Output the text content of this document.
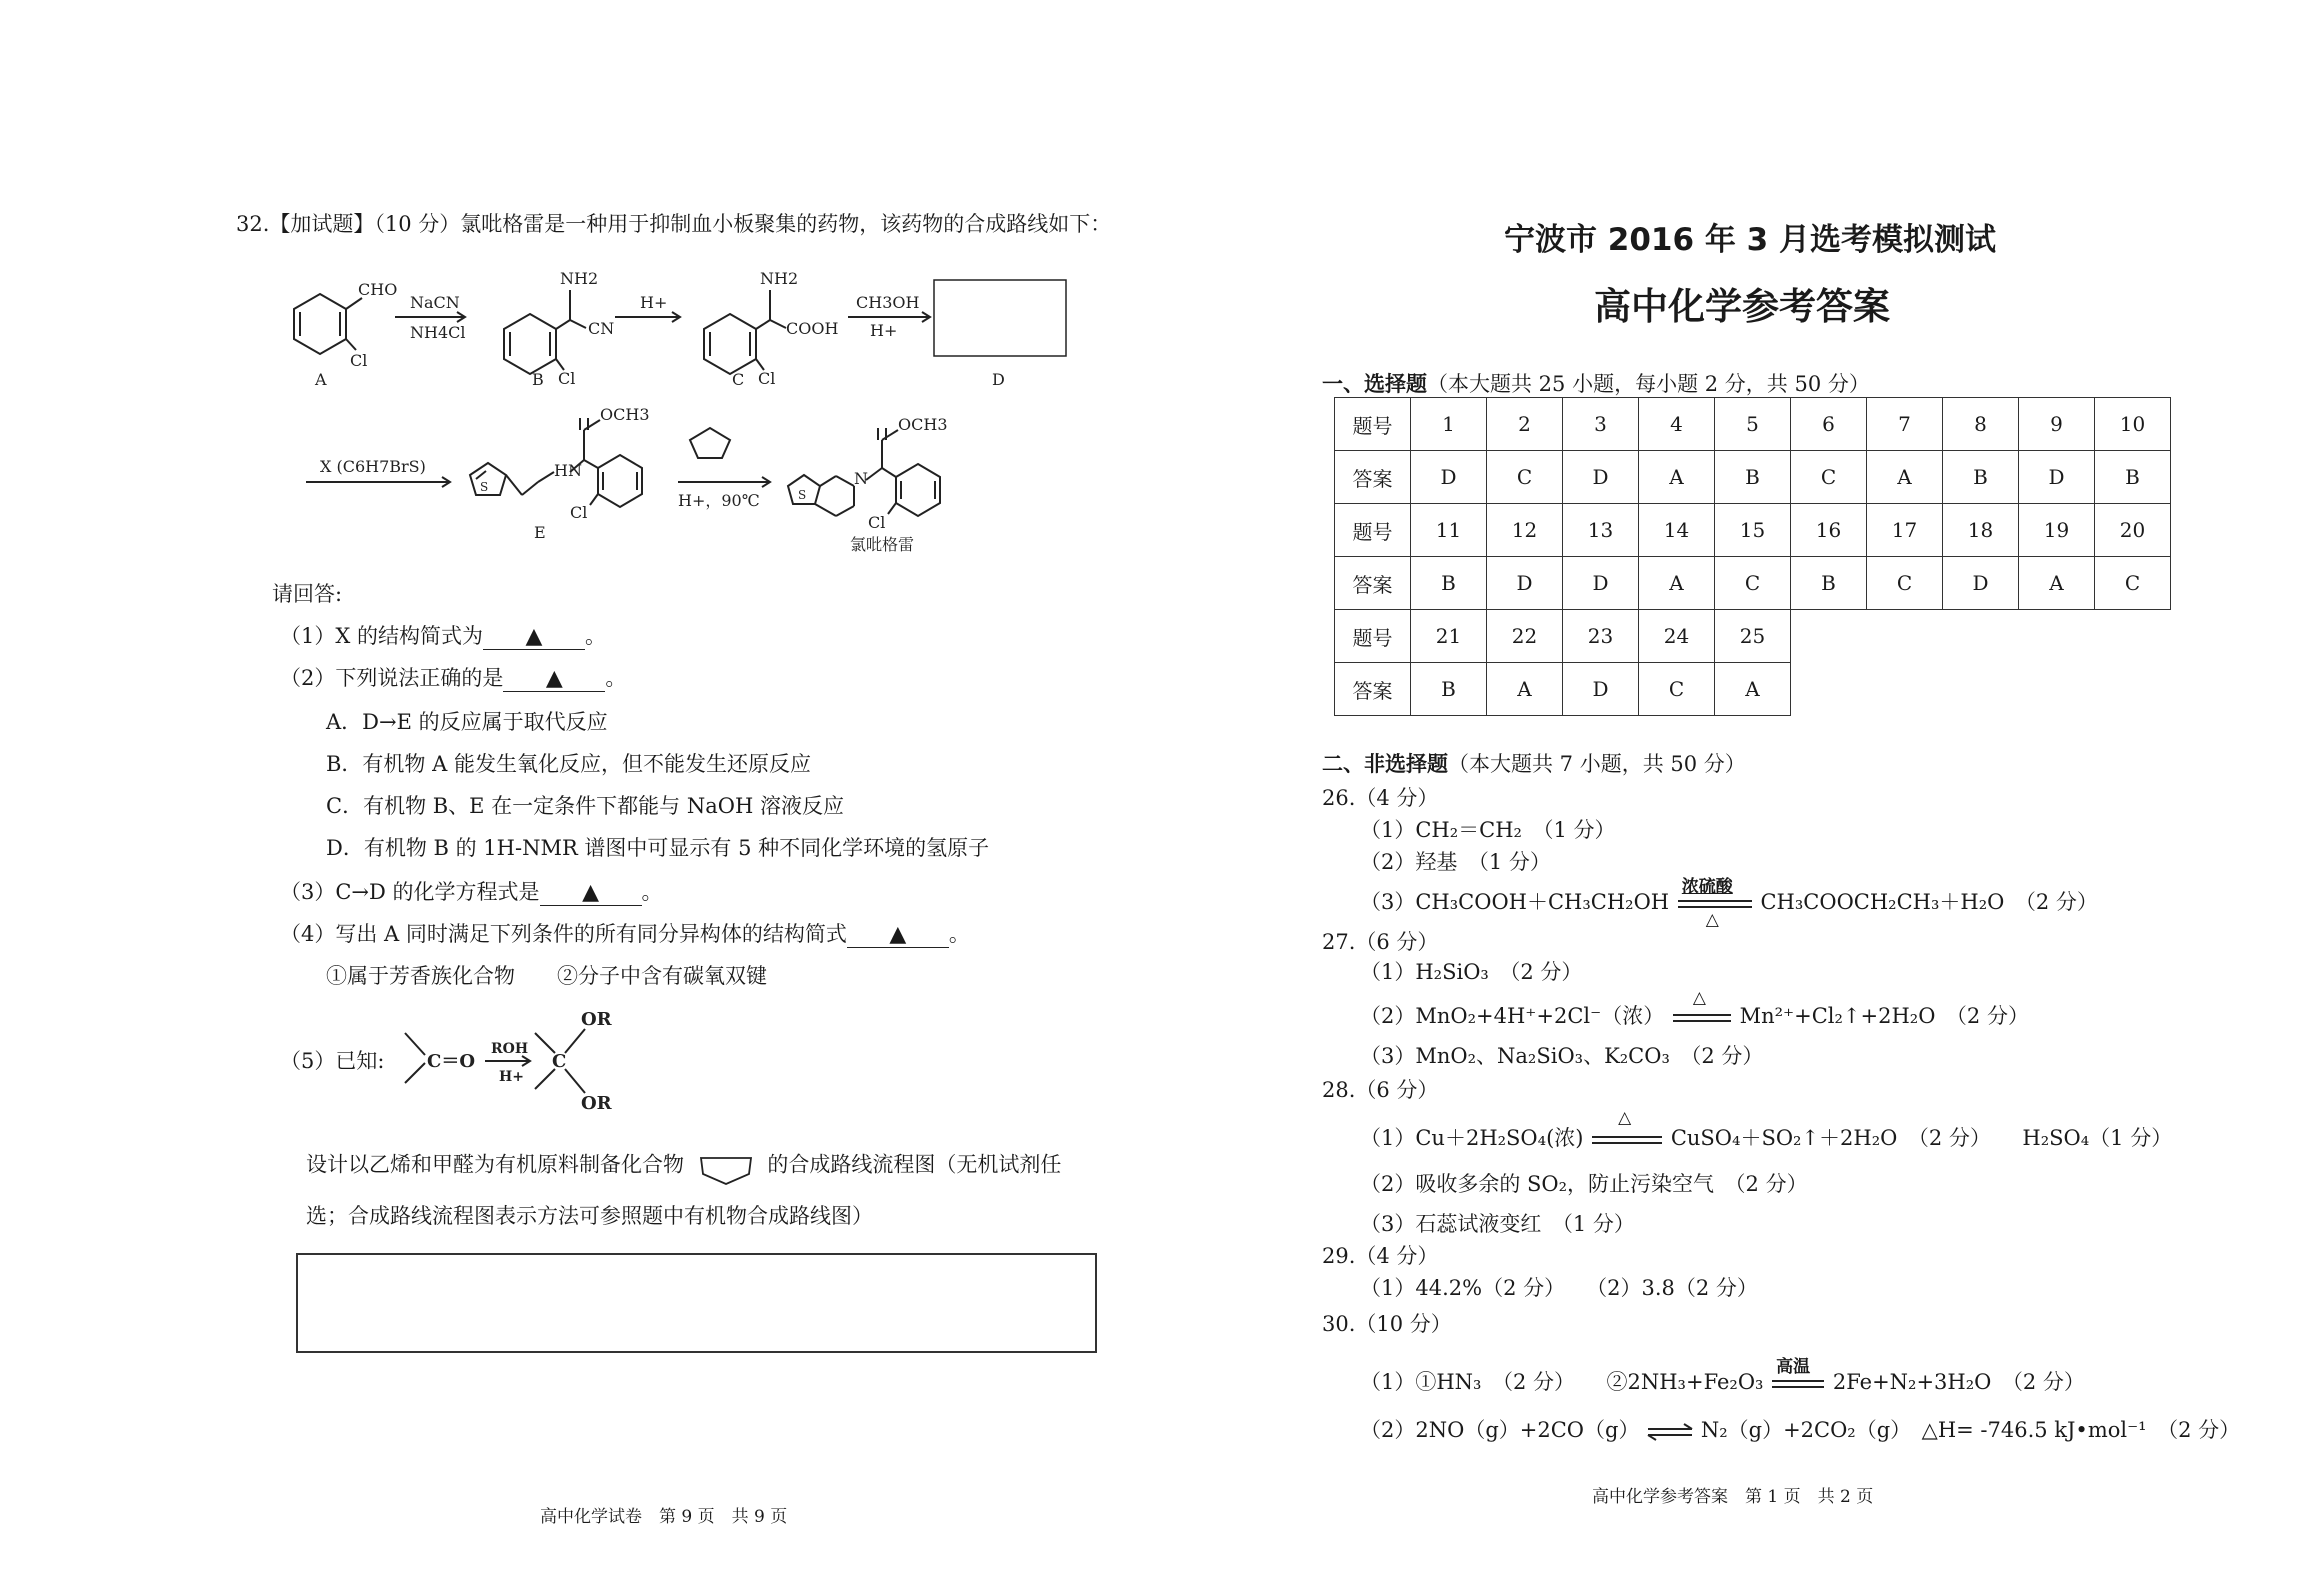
32.【加试题】（10 分）氯吡格雷是一种用于抑制血小板聚集的药物，该药物的合成路线如下：
CHO
Cl
A
NaCN
NH4Cl
NH2
CN
Cl
B
H+
NH2
COOH
Cl
C
CH3OH
H+
D
X (C6H7BrS)
S
HN
OCH3
Cl
E
H+，90℃	S
N
OCH3
Cl
氯吡格雷
请回答:
（1）X 的结构简式为 ▲ 。
（2）下列说法正确的是 ▲ 。
A．D→E 的反应属于取代反应
B．有机物 A 能发生氧化反应，但不能发生还原反应
C．有机物 B、E 在一定条件下都能与 NaOH 溶液反应
D．有机物 B 的 1H-NMR 谱图中可显示有 5 种不同化学环境的氢原子
（3）C→D 的化学方程式是 ▲ 。
（4）写出 A 同时满足下列条件的所有同分异构体的结构简式 ▲ 。
①属于芳香族化合物　　②分子中含有碳氧双键
（5）已知: C＝O
ROH
H+
C
OR
OR
设计以乙烯和甲醛为有机原料制备化合物	的合成路线流程图（无机试剂任
选；合成路线流程图表示方法可参照题中有机物合成路线图）
高中化学试卷　第 9 页　共 9 页
宁波市 2016 年 3 月选考模拟测试
高中化学参考答案
一、选择题（本大题共 25 小题，每小题 2 分，共 50 分）
题号	1	2	3	4	5	6	7	8	9	10
答案	D	C	D	A	B	C	A	B	D	B
题号	11	12	13	14	15	16	17	18	19	20
答案	B	D	D	A	C	B	C	D	A	C
题号	21	22	23	24	25					
答案	B	A	D	C	A					
二、非选择题（本大题共 7 小题，共 50 分）
26.（4 分）
（1）CH₂＝CH₂　（1 分）
（2）羟基　（1 分）
（3）CH₃COOH＋CH₃CH₂OH
浓硫酸
△
CH₃COOCH₂CH₃＋H₂O　（2 分）
27.（6 分）
（1）H₂SiO₃　（2 分）
（2）MnO₂+4H⁺+2Cl⁻（浓）
△
Mn²⁺+Cl₂↑+2H₂O　（2 分）
（3）MnO₂、Na₂SiO₃、K₂CO₃　（2 分）
28.（6 分）
（1）Cu＋2H₂SO₄(浓)
△
CuSO₄＋SO₂↑＋2H₂O　（2 分）　　H₂SO₄（1 分）
（2）吸收多余的 SO₂，防止污染空气　（2 分）
（3）石蕊试液变红　（1 分）
29.（4 分）
（1）44.2%（2 分）　　（2）3.8（2 分）
30.（10 分）
（1）①HN₃　（2 分）　　②2NH₃+Fe₂O₃
高温
2Fe+N₂+3H₂O　（2 分）
（2）2NO（g）+2CO（g） ⇌ N₂（g）+2CO₂（g）　△H= -746.5 kJ•mol⁻¹　（2 分）
高中化学参考答案　第 1 页　共 2 页
